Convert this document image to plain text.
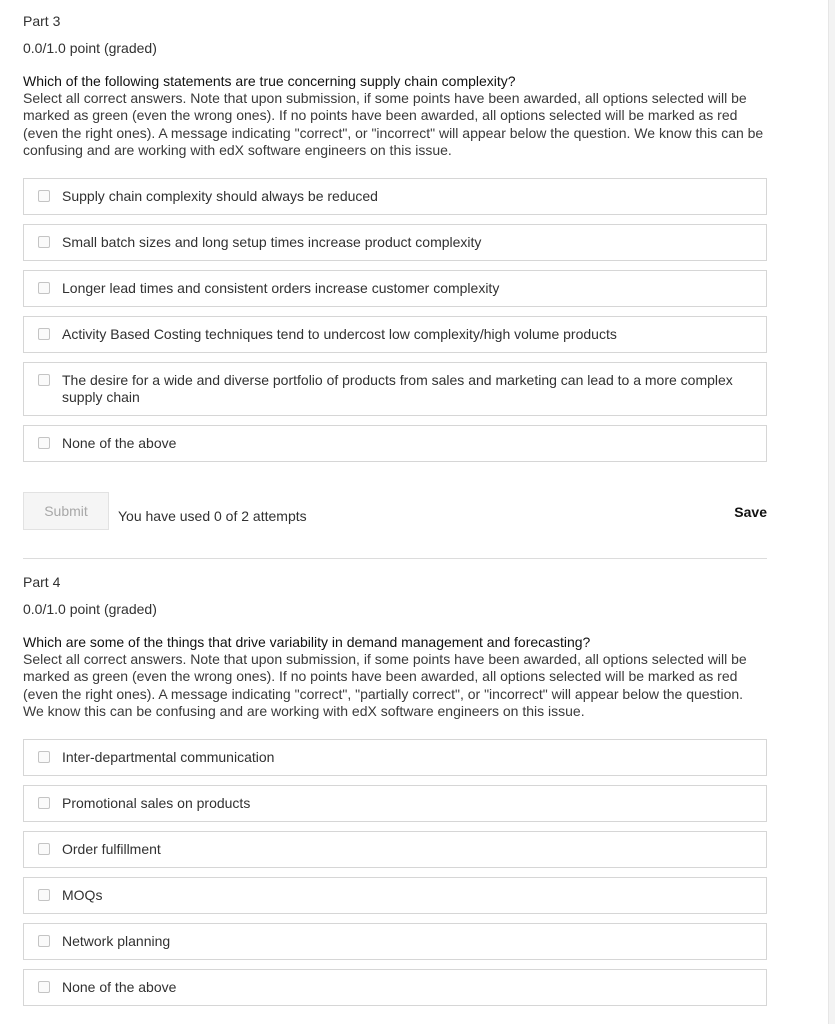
Part 3
0.0/1.0 point (graded)
Which of the following statements are true concerning supply chain complexity?
Select all correct answers. Note that upon submission, if some points have been awarded, all options selected will be marked as green (even the wrong ones). If no points have been awarded, all options selected will be marked as red (even the right ones). A message indicating "correct", or "incorrect" will appear below the question. We know this can be confusing and are working with edX software engineers on this issue.
Supply chain complexity should always be reduced
Small batch sizes and long setup times increase product complexity
Longer lead times and consistent orders increase customer complexity
Activity Based Costing techniques tend to undercost low complexity/high volume products
The desire for a wide and diverse portfolio of products from sales and marketing can lead to a more complex supply chain
None of the above
Submit	You have used 0 of 2 attempts	Save
Part 4
0.0/1.0 point (graded)
Which are some of the things that drive variability in demand management and forecasting?
Select all correct answers. Note that upon submission, if some points have been awarded, all options selected will be marked as green (even the wrong ones). If no points have been awarded, all options selected will be marked as red (even the right ones). A message indicating "correct", "partially correct", or "incorrect" will appear below the question. We know this can be confusing and are working with edX software engineers on this issue.
Inter-departmental communication
Promotional sales on products
Order fulfillment
MOQs
Network planning
None of the above
